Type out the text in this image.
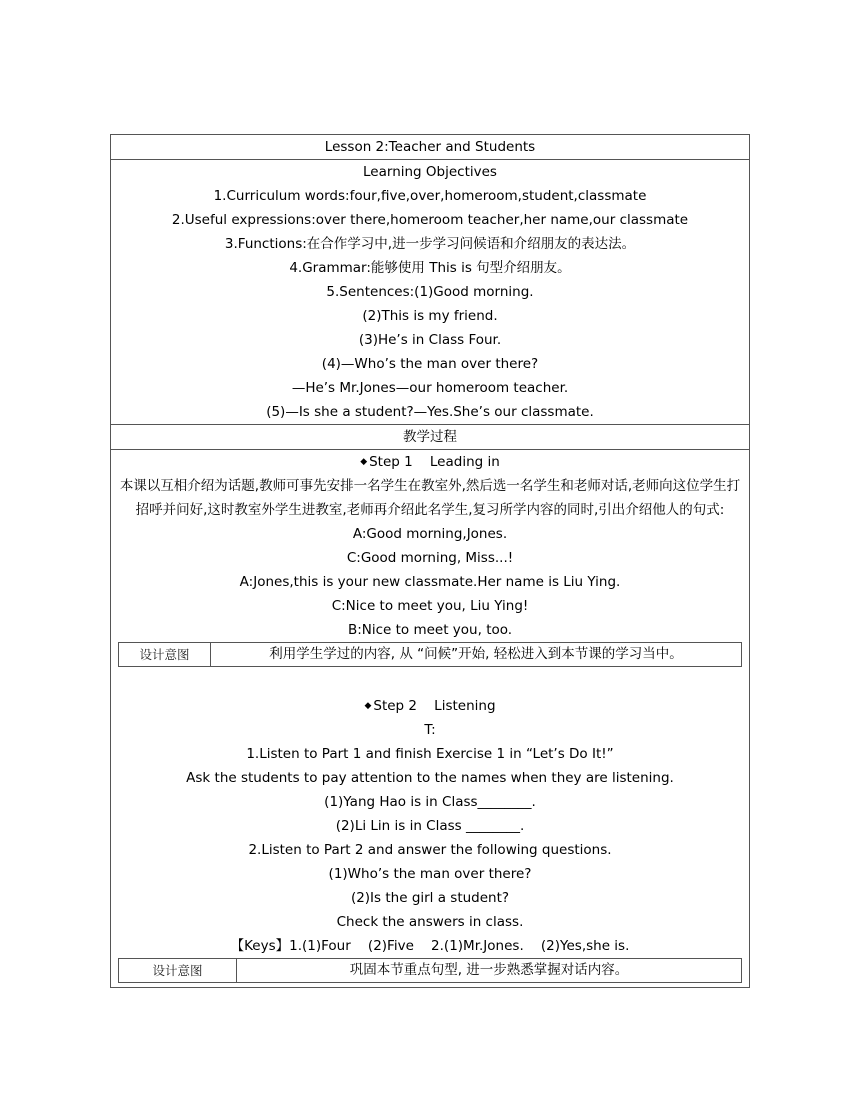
Lesson 2:Teacher and Students
Learning Objectives
1.Curriculum words:four,five,over,homeroom,student,classmate
2.Useful expressions:over there,homeroom teacher,her name,our classmate
3.Functions:在合作学习中,进一步学习问候语和介绍朋友的表达法。
4.Grammar:能够使用 This is 句型介绍朋友。
5.Sentences:(1)Good morning.
(2)This is my friend.
(3)He’s in Class Four.
(4)—Who’s the man over there?
—He’s Mr.Jones—our homeroom teacher.
(5)—Is she a student?—Yes.She’s our classmate.
教学过程
◆ Step 1    Leading in
本课以互相介绍为话题,教师可事先安排一名学生在教室外,然后选一名学生和老师对话,老师向这位学生打招呼并问好,这时教室外学生进教室,老师再介绍此名学生,复习所学内容的同时,引出介绍他人的句式:
A:Good morning,Jones.
C:Good morning, Miss...!
A:Jones,this is your new classmate.Her name is Liu Ying.
C:Nice to meet you, Liu Ying!
B:Nice to meet you, too.
设计意图	利用学生学过的内容, 从 “问候”开始, 轻松进入到本节课的学习当中。
◆ Step 2    Listening
T:
1.Listen to Part 1 and finish Exercise 1 in “Let’s Do It!”
Ask the students to pay attention to the names when they are listening.
(1)Yang Hao is in Class________.
(2)Li Lin is in Class ________.
2.Listen to Part 2 and answer the following questions.
(1)Who’s the man over there?
(2)Is the girl a student?
Check the answers in class.
【Keys】1.(1)Four    (2)Five    2.(1)Mr.Jones.    (2)Yes,she is.
设计意图	巩固本节重点句型, 进一步熟悉掌握对话内容。
